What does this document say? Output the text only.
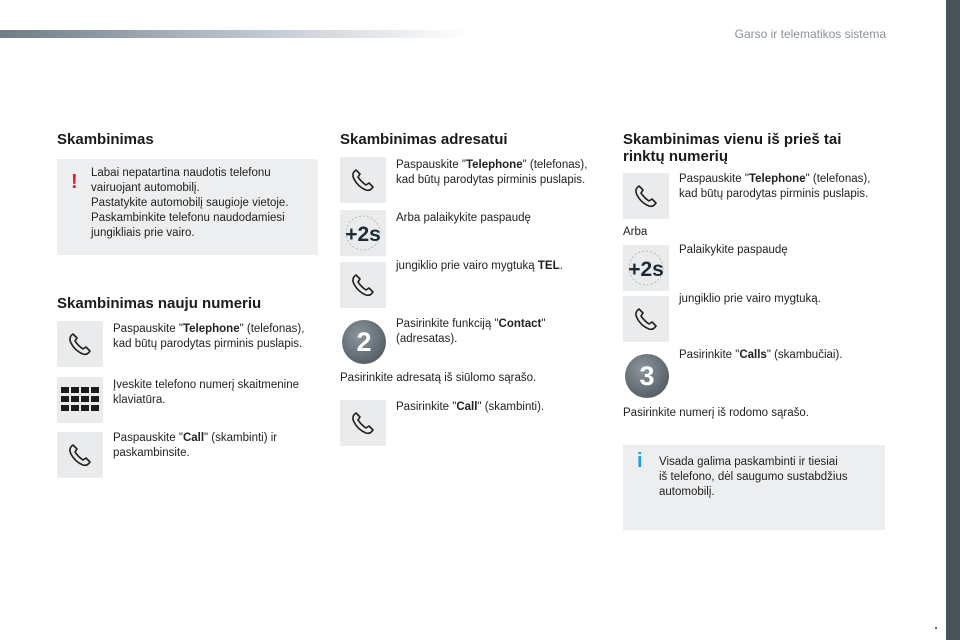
Garso ir telematikos sistema
Skambinimas
! Labai nepatartina naudotis telefonu
vairuojant automobilį.
Pastatykite automobilį saugioje vietoje.
Paskambinkite telefonu naudodamiesi
jungikliais prie vairo.
Skambinimas nauju numeriu
Paspauskite "Telephone" (telefonas),
kad būtų parodytas pirminis puslapis.
Įveskite telefono numerį skaitmenine
klaviatūra.
Paspauskite "Call" (skambinti) ir
paskambinsite.
Skambinimas adresatui
Paspauskite "Telephone" (telefonas),
kad būtų parodytas pirminis puslapis.
+2s
Arba palaikykite paspaudę
jungiklio prie vairo mygtuką TEL.
2
Pasirinkite funkciją "Contact"
(adresatas).
Pasirinkite adresatą iš siūlomo sąrašo.
Pasirinkite "Call" (skambinti).
Skambinimas vienu iš prieš tai
rinktų numerių
Paspauskite "Telephone" (telefonas),
kad būtų parodytas pirminis puslapis.
Arba
+2s
Palaikykite paspaudę
jungiklio prie vairo mygtuką.
3
Pasirinkite "Calls" (skambučiai).
Pasirinkite numerį iš rodomo sąrašo.
i Visada galima paskambinti ir tiesiai
iš telefono, dėl saugumo sustabdžius
automobilį.
.
